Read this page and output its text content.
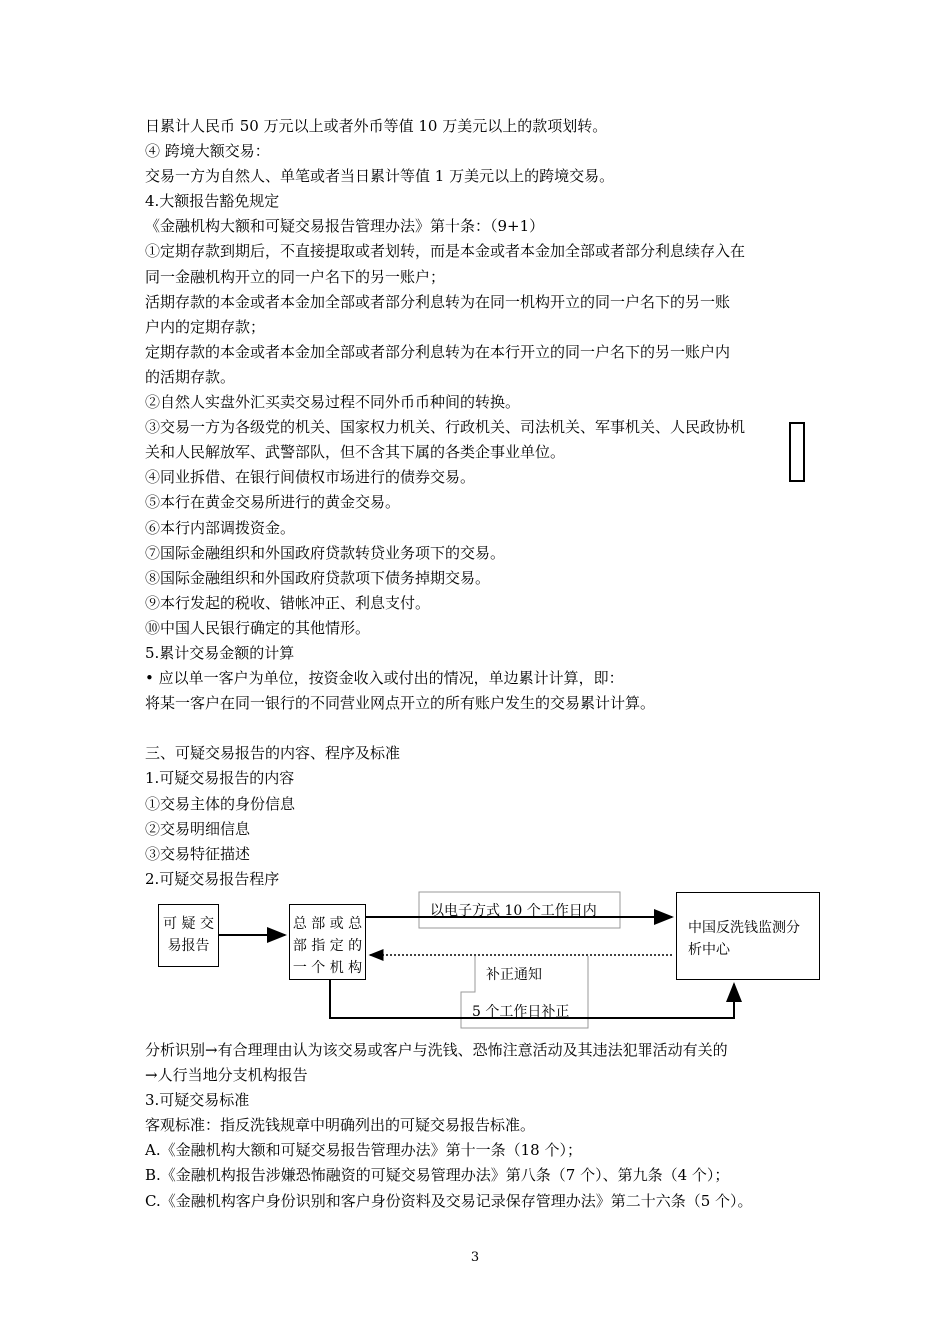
日累计人民币 50 万元以上或者外币等值 10 万美元以上的款项划转。
④ 跨境大额交易：
交易一方为自然人、单笔或者当日累计等值 1 万美元以上的跨境交易。
4.大额报告豁免规定
《金融机构大额和可疑交易报告管理办法》第十条：（9+1）
①定期存款到期后，不直接提取或者划转，而是本金或者本金加全部或者部分利息续存入在
同一金融机构开立的同一户名下的另一账户；
活期存款的本金或者本金加全部或者部分利息转为在同一机构开立的同一户名下的另一账
户内的定期存款；
定期存款的本金或者本金加全部或者部分利息转为在本行开立的同一户名下的另一账户内
的活期存款。
②自然人实盘外汇买卖交易过程不同外币币种间的转换。
③交易一方为各级党的机关、国家权力机关、行政机关、司法机关、军事机关、人民政协机
关和人民解放军、武警部队，但不含其下属的各类企事业单位。
④同业拆借、在银行间债权市场进行的债券交易。
⑤本行在黄金交易所进行的黄金交易。
⑥本行内部调拨资金。
⑦国际金融组织和外国政府贷款转贷业务项下的交易。
⑧国际金融组织和外国政府贷款项下债务掉期交易。
⑨本行发起的税收、错帐冲正、利息支付。
⑩中国人民银行确定的其他情形。
5.累计交易金额的计算
• 应以单一客户为单位，按资金收入或付出的情况，单边累计计算，即：
将某一客户在同一银行的不同营业网点开立的所有账户发生的交易累计计算。
三、可疑交易报告的内容、程序及标准
1.可疑交易报告的内容
①交易主体的身份信息
②交易明细信息
③交易特征描述
2.可疑交易报告程序
可 疑 交
易报告
总 部 或 总
部 指 定 的
一 个 机 构
中国反洗钱监测分
析中心
以电子方式 10 个工作日内
补正通知
5 个工作日补正
分析识别→有合理理由认为该交易或客户与洗钱、恐怖注意活动及其违法犯罪活动有关的
→人行当地分支机构报告
3.可疑交易标准
客观标准：指反洗钱规章中明确列出的可疑交易报告标准。
A.《金融机构大额和可疑交易报告管理办法》第十一条（18 个）；
B.《金融机构报告涉嫌恐怖融资的可疑交易管理办法》第八条（7 个）、第九条（4 个）；
C.《金融机构客户身份识别和客户身份资料及交易记录保存管理办法》第二十六条（5 个）。
3
